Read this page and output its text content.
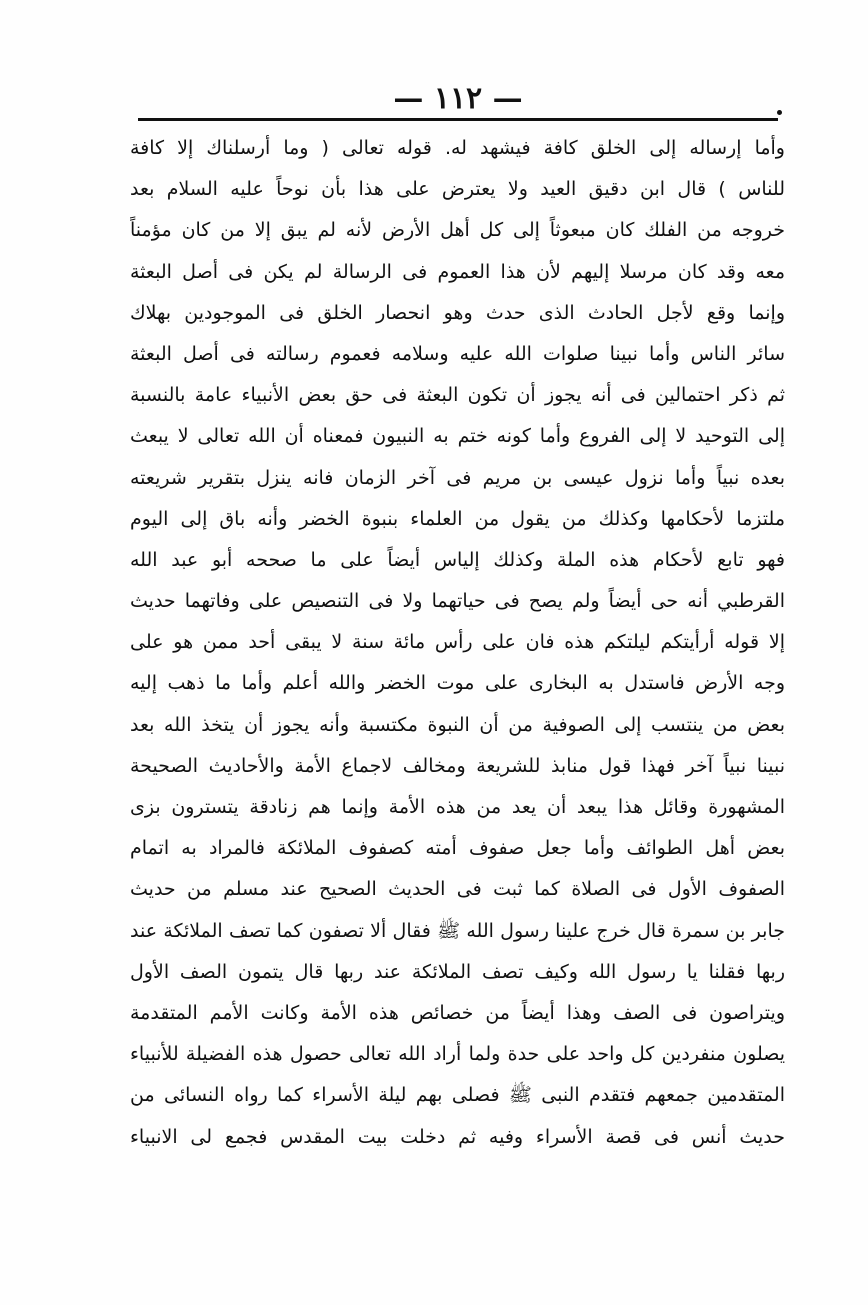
— ١١٢ —
وأما إرساله إلى الخلق كافة فيشهد له. قوله تعالى ( وما أرسلناك إلا كافة
للناس ) قال ابن دقيق العيد ولا يعترض على هذا بأن نوحاً عليه السلام بعد
خروجه من الفلك كان مبعوثاً إلى كل أهل الأرض لأنه لم يبق إلا من كان مؤمناً
معه وقد كان مرسلا إليهم لأن هذا العموم فى الرسالة لم يكن فى أصل البعثة
وإنما وقع لأجل الحادث الذى حدث وهو انحصار الخلق فى الموجودين بهلاك
سائر الناس وأما نبينا صلوات الله عليه وسلامه فعموم رسالته فى أصل البعثة
ثم ذكر احتمالين فى أنه يجوز أن تكون البعثة فى حق بعض الأنبياء عامة بالنسبة
إلى التوحيد لا إلى الفروع وأما كونه ختم به النبيون فمعناه أن الله تعالى لا يبعث
بعده نبياً وأما نزول عيسى بن مريم فى آخر الزمان فانه ينزل بتقرير شريعته
ملتزما لأحكامها وكذلك من يقول من العلماء بنبوة الخضر وأنه باق إلى اليوم
فهو تابع لأحكام هذه الملة وكذلك إلياس أيضاً على ما صححه أبو عبد الله
القرطبي أنه حى أيضاً ولم يصح فى حياتهما ولا فى التنصيص على وفاتهما حديث
إلا قوله أرأيتكم ليلتكم هذه فان على رأس مائة سنة لا يبقى أحد ممن هو على
وجه الأرض فاستدل به البخارى على موت الخضر والله أعلم وأما ما ذهب إليه
بعض من ينتسب إلى الصوفية من أن النبوة مكتسبة وأنه يجوز أن يتخذ الله بعد
نبينا نبياً آخر فهذا قول منابذ للشريعة ومخالف لاجماع الأمة والأحاديث الصحيحة
المشهورة وقائل هذا يبعد أن يعد من هذه الأمة وإنما هم زنادقة يتسترون بزى
بعض أهل الطوائف وأما جعل صفوف أمته كصفوف الملائكة فالمراد به اتمام
الصفوف الأول فى الصلاة كما ثبت فى الحديث الصحيح عند مسلم من حديث
جابر بن سمرة قال خرج علينا رسول الله ﷺ فقال ألا تصفون كما تصف الملائكة عند
ربها فقلنا يا رسول الله وكيف تصف الملائكة عند ربها قال يتمون الصف الأول
ويتراصون فى الصف وهذا أيضاً من خصائص هذه الأمة وكانت الأمم المتقدمة
يصلون منفردين كل واحد على حدة ولما أراد الله تعالى حصول هذه الفضيلة للأنبياء
المتقدمين جمعهم فتقدم النبى ﷺ فصلى بهم ليلة الأسراء كما رواه النسائى من
حديث أنس فى قصة الأسراء وفيه ثم دخلت بيت المقدس فجمع لى الانبياء
